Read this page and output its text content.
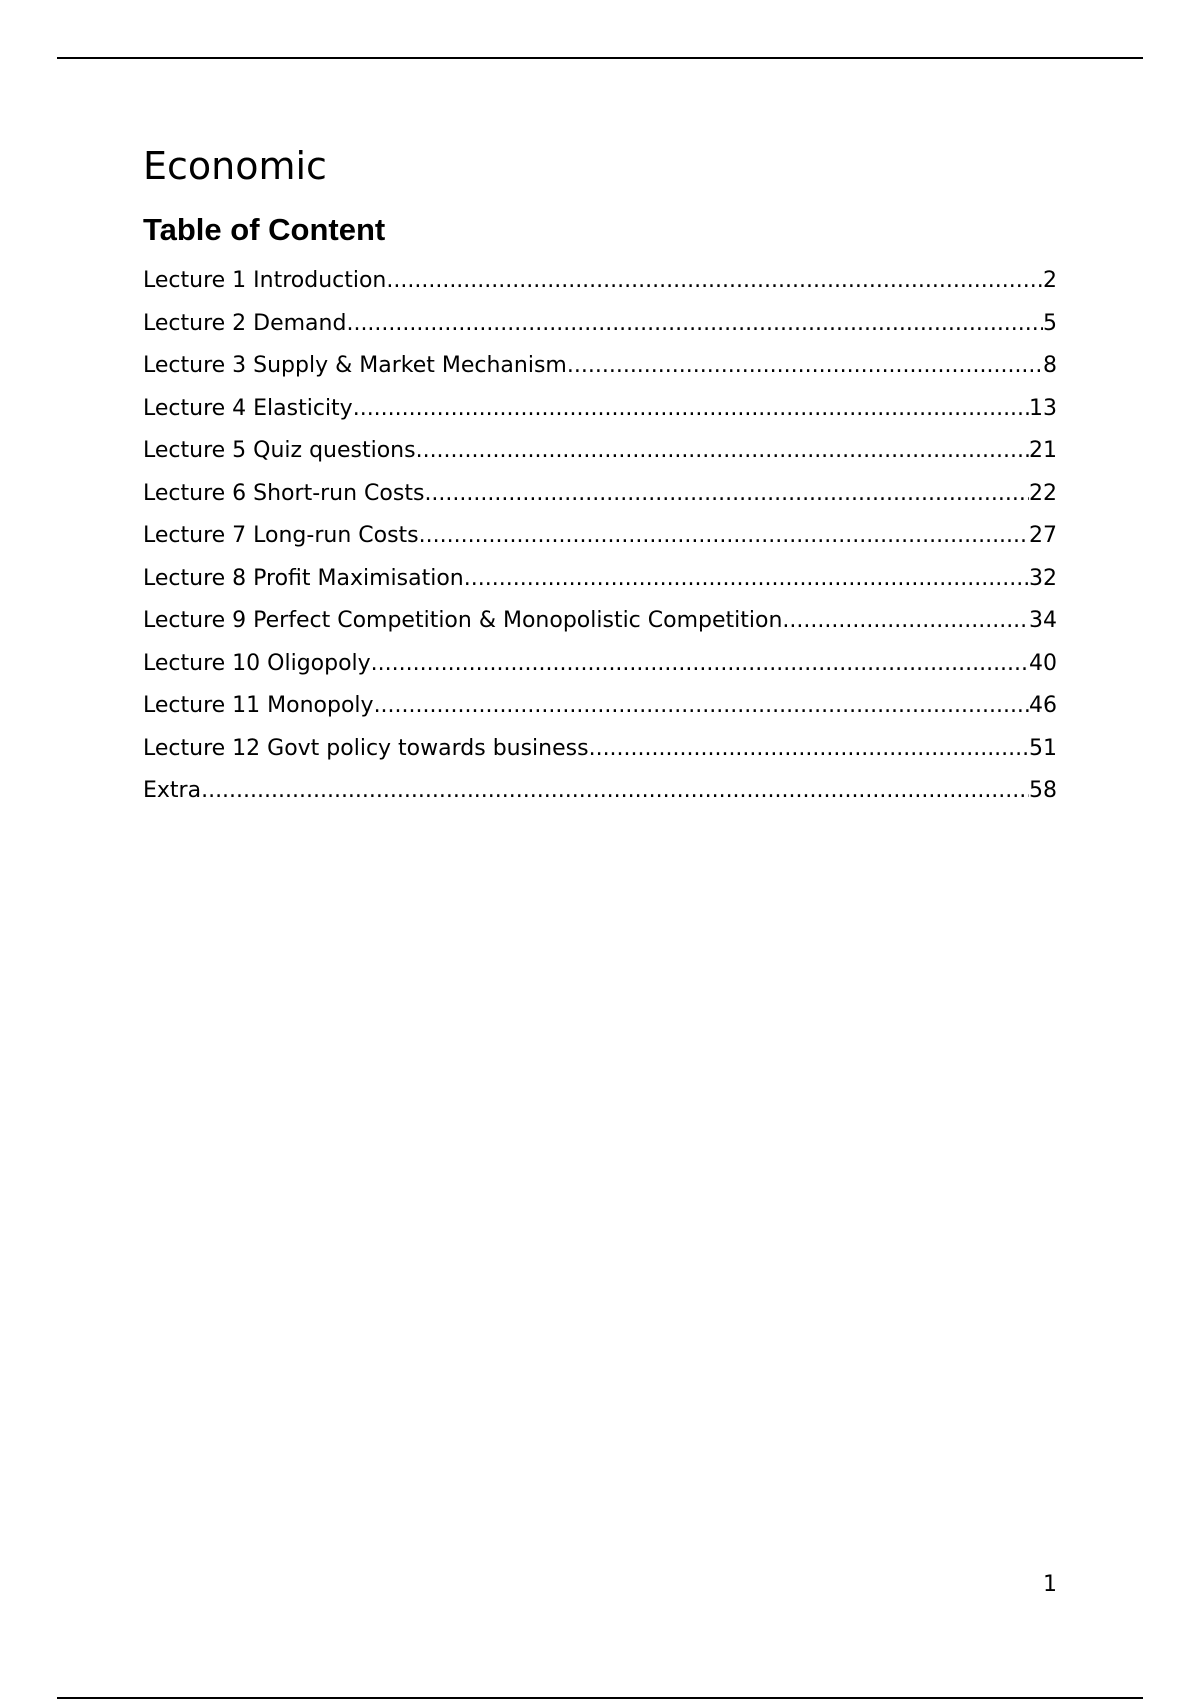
Economic
Table of Content
Lecture 1 Introduction .....	2
Lecture 2 Demand .....	5
Lecture 3 Supply & Market Mechanism .....	8
Lecture 4 Elasticity .....	13
Lecture 5 Quiz questions .....	21
Lecture 6 Short-run Costs .....	22
Lecture 7 Long-run Costs .....	27
Lecture 8 Profit Maximisation .....	32
Lecture 9 Perfect Competition & Monopolistic Competition .....	34
Lecture 10 Oligopoly .....	40
Lecture 11 Monopoly .....	46
Lecture 12 Govt policy towards business .....	51
Extra .....	58
1
